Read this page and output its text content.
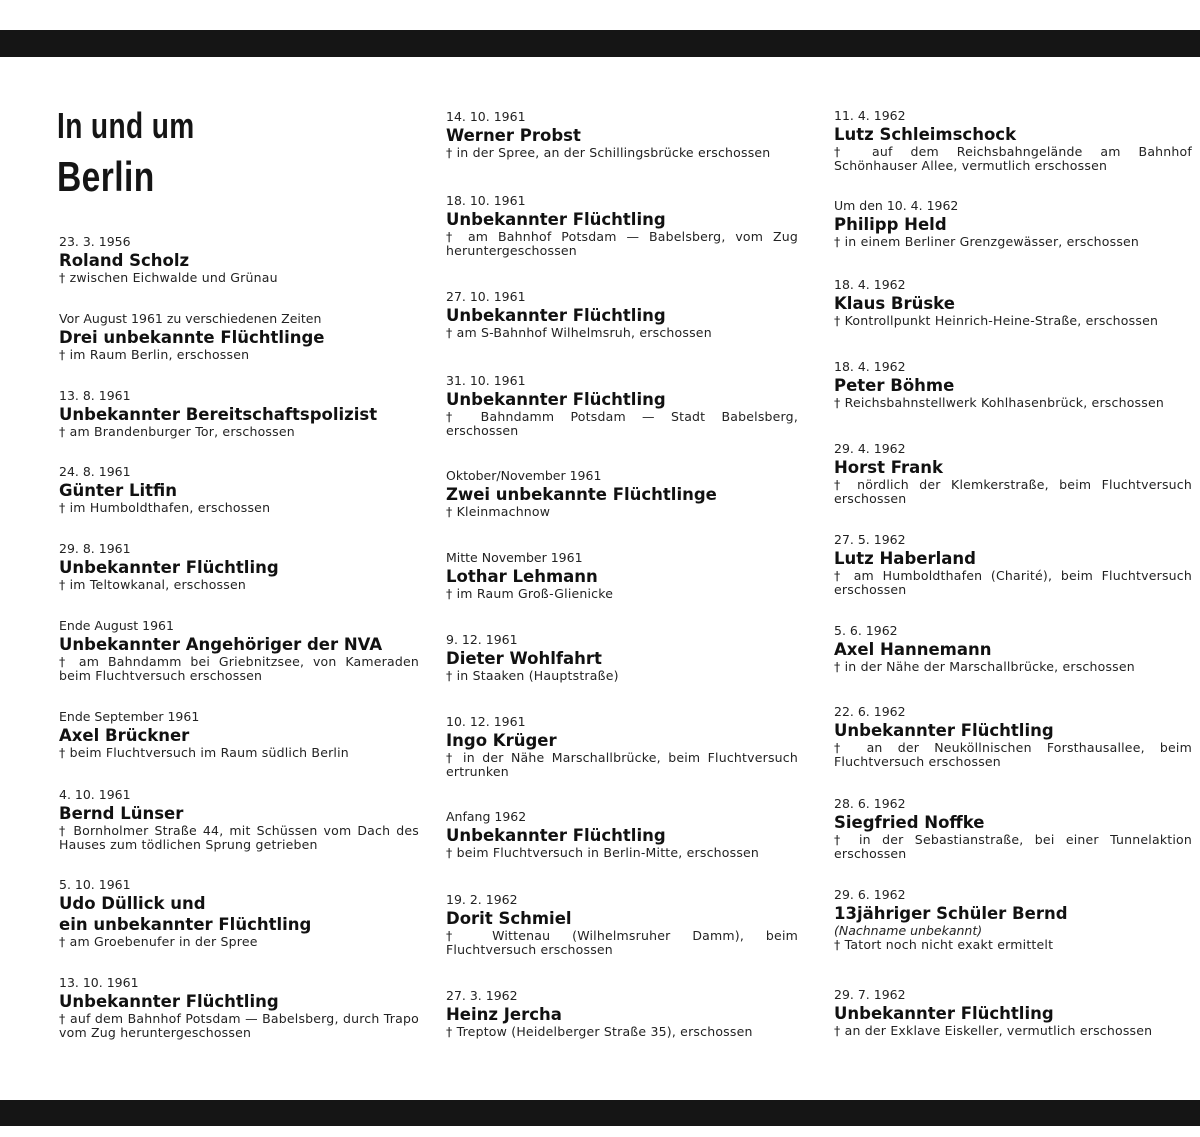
In und um
Berlin
23. 3. 1956
Roland Scholz
† zwischen Eichwalde und Grünau
Vor August 1961 zu verschiedenen Zeiten
Drei unbekannte Flüchtlinge
† im Raum Berlin, erschossen
13. 8. 1961
Unbekannter Bereitschaftspolizist
† am Brandenburger Tor, erschossen
24. 8. 1961
Günter Litfin
† im Humboldthafen, erschossen
29. 8. 1961
Unbekannter Flüchtling
† im Teltowkanal, erschossen
Ende August 1961
Unbekannter Angehöriger der NVA
† am Bahndamm bei Griebnitzsee, von Kameraden beim Fluchtversuch erschossen
Ende September 1961
Axel Brückner
† beim Fluchtversuch im Raum südlich Berlin
4. 10. 1961
Bernd Lünser
† Bornholmer Straße 44, mit Schüssen vom Dach des Hauses zum tödlichen Sprung getrieben
5. 10. 1961
Udo Düllick und
ein unbekannter Flüchtling
† am Groebenufer in der Spree
13. 10. 1961
Unbekannter Flüchtling
† auf dem Bahnhof Potsdam — Babelsberg, durch Trapo vom Zug heruntergeschossen
14. 10. 1961
Werner Probst
† in der Spree, an der Schillingsbrücke erschossen
18. 10. 1961
Unbekannter Flüchtling
† am Bahnhof Potsdam — Babelsberg, vom Zug heruntergeschossen
27. 10. 1961
Unbekannter Flüchtling
† am S-Bahnhof Wilhelmsruh, erschossen
31. 10. 1961
Unbekannter Flüchtling
† Bahndamm Potsdam — Stadt Babelsberg, erschossen
Oktober/November 1961
Zwei unbekannte Flüchtlinge
† Kleinmachnow
Mitte November 1961
Lothar Lehmann
† im Raum Groß-Glienicke
9. 12. 1961
Dieter Wohlfahrt
† in Staaken (Hauptstraße)
10. 12. 1961
Ingo Krüger
† in der Nähe Marschallbrücke, beim Fluchtversuch ertrunken
Anfang 1962
Unbekannter Flüchtling
† beim Fluchtversuch in Berlin-Mitte, erschossen
19. 2. 1962
Dorit Schmiel
† Wittenau (Wilhelmsruher Damm), beim Fluchtversuch erschossen
27. 3. 1962
Heinz Jercha
† Treptow (Heidelberger Straße 35), erschossen
11. 4. 1962
Lutz Schleimschock
† auf dem Reichsbahngelände am Bahnhof Schönhauser Allee, vermutlich erschossen
Um den 10. 4. 1962
Philipp Held
† in einem Berliner Grenzgewässer, erschossen
18. 4. 1962
Klaus Brüske
† Kontrollpunkt Heinrich-Heine-Straße, erschossen
18. 4. 1962
Peter Böhme
† Reichsbahnstellwerk Kohlhasenbrück, erschossen
29. 4. 1962
Horst Frank
† nördlich der Klemkerstraße, beim Fluchtversuch erschossen
27. 5. 1962
Lutz Haberland
† am Humboldthafen (Charité), beim Fluchtversuch erschossen
5. 6. 1962
Axel Hannemann
† in der Nähe der Marschallbrücke, erschossen
22. 6. 1962
Unbekannter Flüchtling
† an der Neuköllnischen Forsthausallee, beim Fluchtversuch erschossen
28. 6. 1962
Siegfried Noffke
† in der Sebastianstraße, bei einer Tunnelaktion erschossen
29. 6. 1962
13jähriger Schüler Bernd
(Nachname unbekannt)
† Tatort noch nicht exakt ermittelt
29. 7. 1962
Unbekannter Flüchtling
† an der Exklave Eiskeller, vermutlich erschossen
